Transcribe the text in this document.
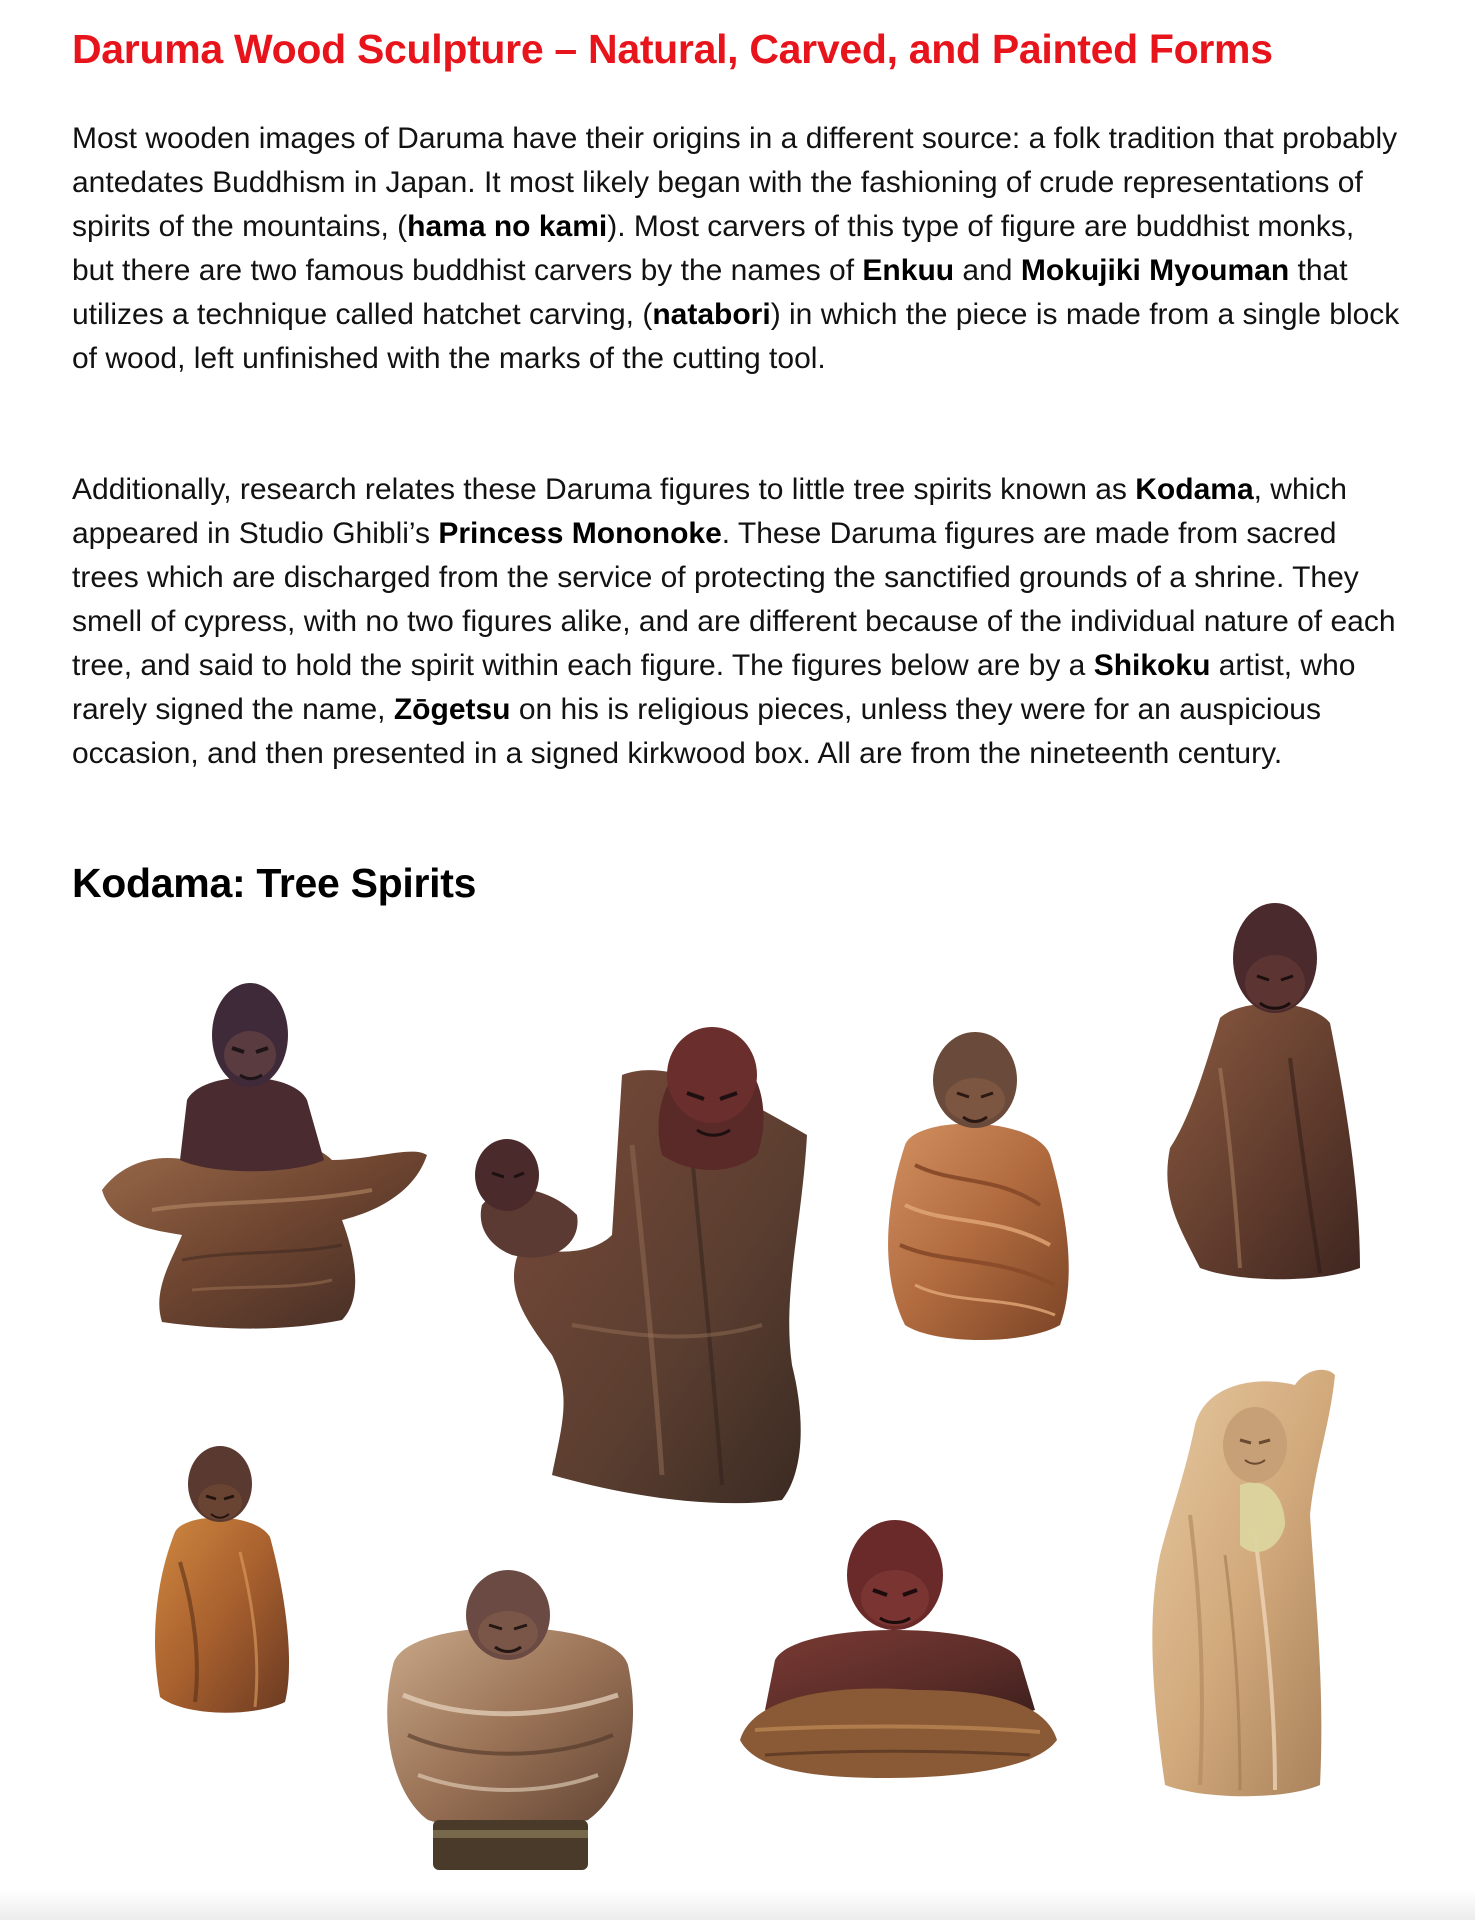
Daruma Wood Sculpture – Natural, Carved, and Painted Forms

Most wooden images of Daruma have their origins in a different source: a folk tradition that probably antedates Buddhism in Japan. It most likely began with the fashioning of crude representations of spirits of the mountains, (hama no kami). Most carvers of this type of figure are buddhist monks, but there are two famous buddhist carvers by the names of Enkuu and Mokujiki Myouman that utilizes a technique called hatchet carving, (natabori) in which the piece is made from a single block of wood, left unfinished with the marks of the cutting tool.

Additionally, research relates these Daruma figures to little tree spirits known as Kodama, which appeared in Studio Ghibli’s Princess Mononoke. These Daruma figures are made from sacred trees which are discharged from the service of protecting the sanctified grounds of a shrine. They smell of cypress, with no two figures alike, and are different because of the individual nature of each tree, and said to hold the spirit within each figure. The figures below are by a Shikoku artist, who rarely signed the name, Zōgetsu on his is religious pieces, unless they were for an auspicious occasion, and then presented in a signed kirkwood box. All are from the nineteenth century.

Kodama: Tree Spirits
